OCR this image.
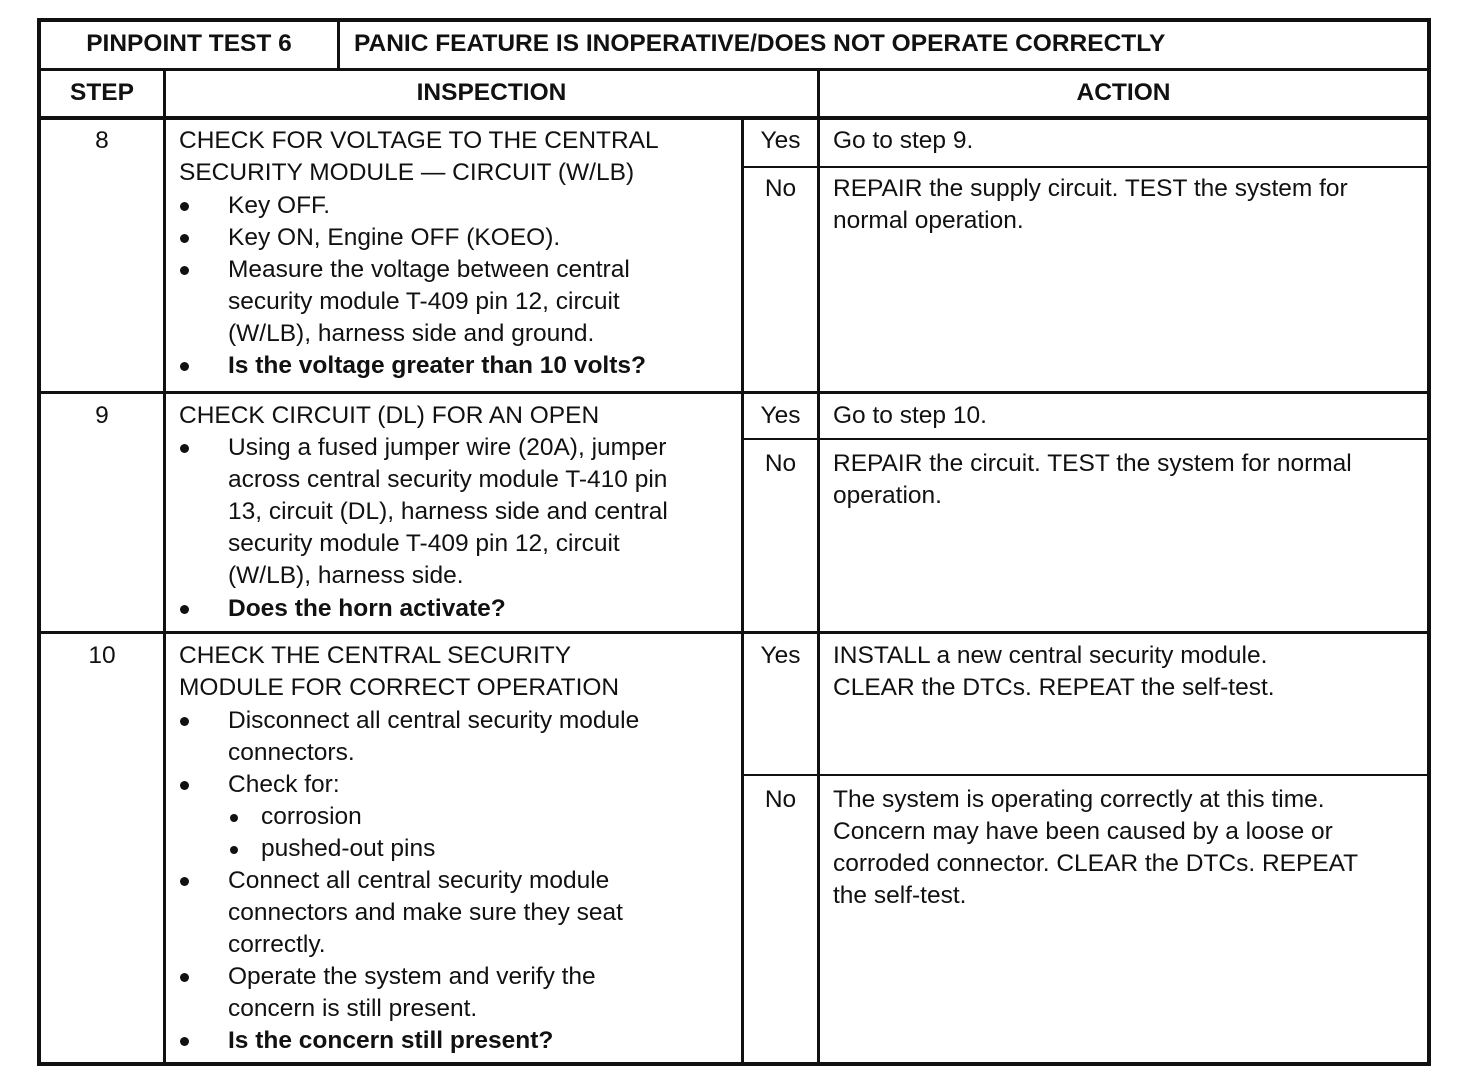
PINPOINT TEST 6	PANIC FEATURE IS INOPERATIVE/DOES NOT OPERATE CORRECTLY
STEP	INSPECTION	ACTION
8	CHECK FOR VOLTAGE TO THE CENTRAL
SECURITY MODULE — CIRCUIT (W/LB)
Key OFF.
Key ON, Engine OFF (KOEO).
Measure the voltage between central
security module T-409 pin 12, circuit
(W/LB), harness side and ground.
Is the voltage greater than 10 volts?
Yes	Go to step 9.
No	REPAIR the supply circuit. TEST the system for
normal operation.
9	CHECK CIRCUIT (DL) FOR AN OPEN
Using a fused jumper wire (20A), jumper
across central security module T-410 pin
13, circuit (DL), harness side and central
security module T-409 pin 12, circuit
(W/LB), harness side.
Does the horn activate?
Yes	Go to step 10.
No	REPAIR the circuit. TEST the system for normal
operation.
10	CHECK THE CENTRAL SECURITY
MODULE FOR CORRECT OPERATION
Disconnect all central security module
connectors.
Check for:
corrosion
pushed-out pins
Connect all central security module
connectors and make sure they seat
correctly.
Operate the system and verify the
concern is still present.
Is the concern still present?
Yes	INSTALL a new central security module.
CLEAR the DTCs. REPEAT the self-test.
No	The system is operating correctly at this time.
Concern may have been caused by a loose or
corroded connector. CLEAR the DTCs. REPEAT
the self-test.
